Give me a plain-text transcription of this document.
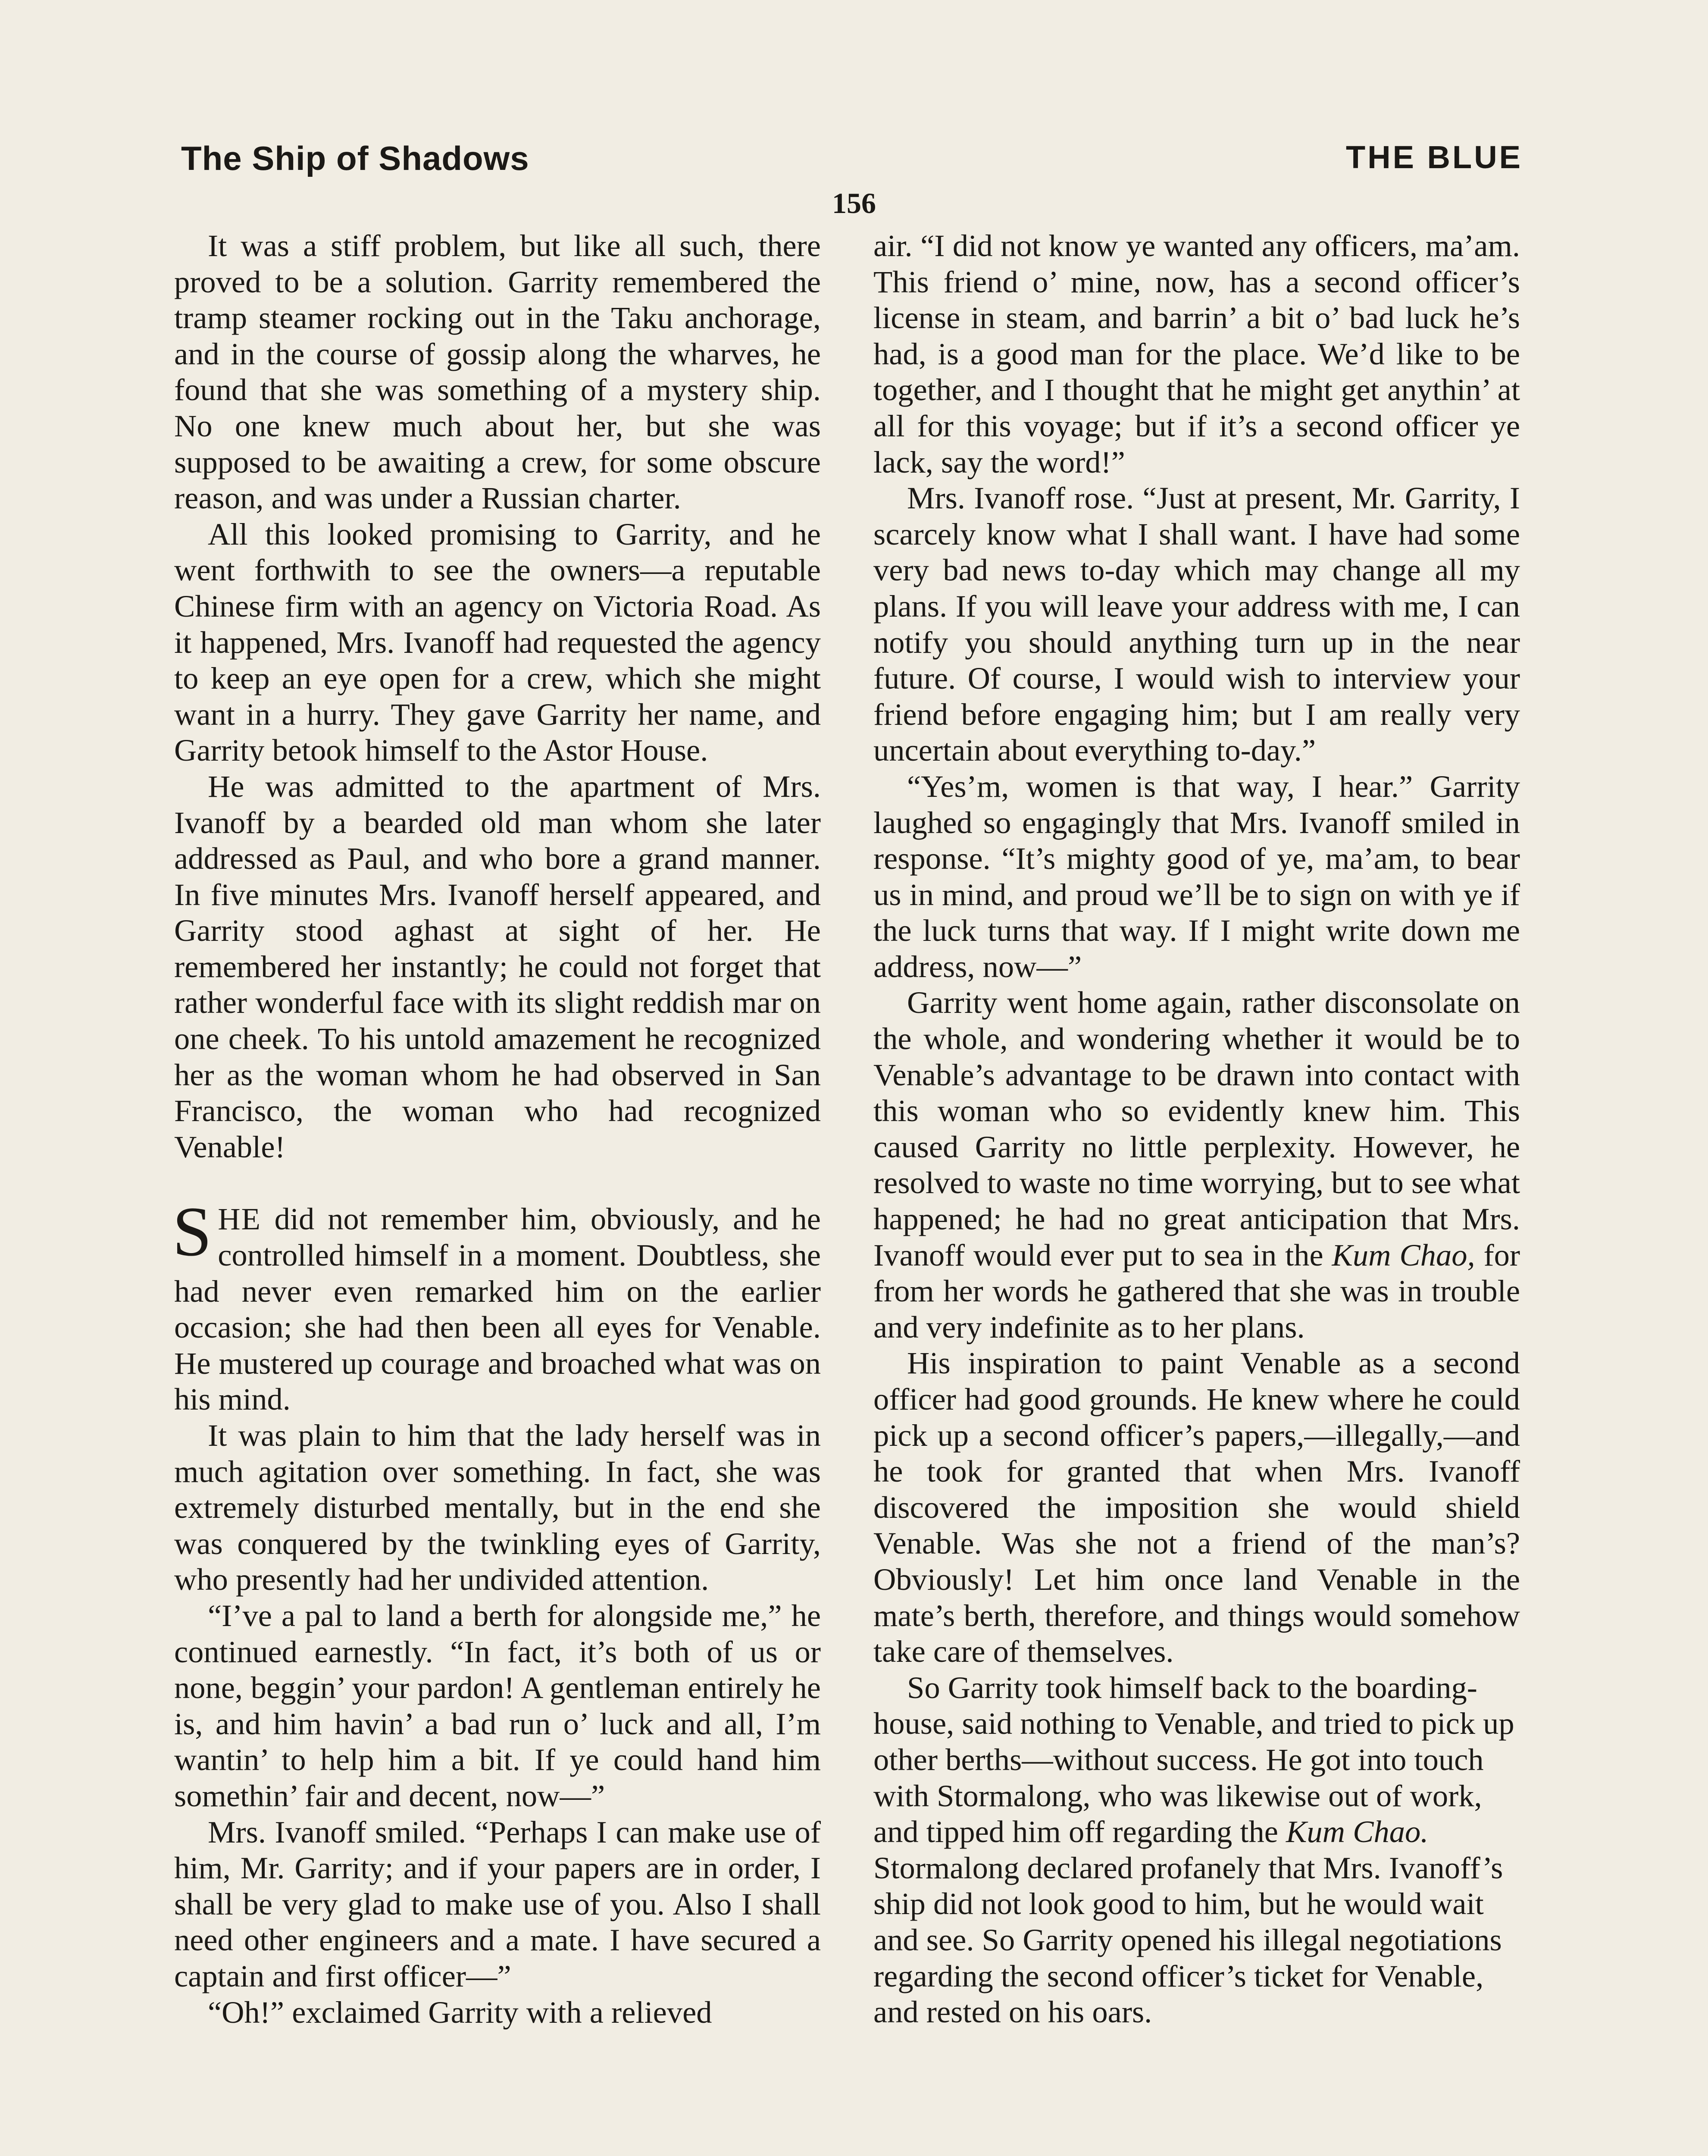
The Ship of Shadows	THE BLUE
156

It was a stiff problem, but like all such, there proved to be a solution. Garrity remembered the tramp steamer rocking out in the Taku anchorage, and in the course of gossip along the wharves, he found that she was something of a mystery ship. No one knew much about her, but she was supposed to be awaiting a crew, for some obscure reason, and was under a Russian charter.

All this looked promising to Garrity, and he went forthwith to see the owners—a reputable Chinese firm with an agency on Victoria Road. As it happened, Mrs. Ivanoff had requested the agency to keep an eye open for a crew, which she might want in a hurry. They gave Garrity her name, and Garrity betook himself to the Astor House.

He was admitted to the apartment of Mrs. Ivanoff by a bearded old man whom she later addressed as Paul, and who bore a grand manner. In five minutes Mrs. Ivanoff herself appeared, and Garrity stood aghast at sight of her. He remembered her instantly; he could not forget that rather wonderful face with its slight reddish mar on one cheek. To his untold amazement he recognized her as the woman whom he had observed in San Francisco, the woman who had recognized Venable!

SHE did not remember him, obviously, and he controlled himself in a moment. Doubtless, she had never even remarked him on the earlier occasion; she had then been all eyes for Venable. He mustered up courage and broached what was on his mind.

It was plain to him that the lady herself was in much agitation over something. In fact, she was extremely disturbed mentally, but in the end she was conquered by the twinkling eyes of Garrity, who presently had her undivided attention.

“I’ve a pal to land a berth for alongside me,” he continued earnestly. “In fact, it’s both of us or none, beggin’ your pardon! A gentleman entirely he is, and him havin’ a bad run o’ luck and all, I’m wantin’ to help him a bit. If ye could hand him somethin’ fair and decent, now—”

Mrs. Ivanoff smiled. “Perhaps I can make use of him, Mr. Garrity; and if your papers are in order, I shall be very glad to make use of you. Also I shall need other engineers and a mate. I have secured a captain and first officer—”

“Oh!” exclaimed Garrity with a relieved

air. “I did not know ye wanted any officers, ma’am. This friend o’ mine, now, has a second officer’s license in steam, and barrin’ a bit o’ bad luck he’s had, is a good man for the place. We’d like to be together, and I thought that he might get anythin’ at all for this voyage; but if it’s a second officer ye lack, say the word!”

Mrs. Ivanoff rose. “Just at present, Mr. Garrity, I scarcely know what I shall want. I have had some very bad news to-day which may change all my plans. If you will leave your address with me, I can notify you should anything turn up in the near future. Of course, I would wish to interview your friend before engaging him; but I am really very uncertain about everything to-day.”

“Yes’m, women is that way, I hear.” Garrity laughed so engagingly that Mrs. Ivanoff smiled in response. “It’s mighty good of ye, ma’am, to bear us in mind, and proud we’ll be to sign on with ye if the luck turns that way. If I might write down me address, now—”

Garrity went home again, rather disconsolate on the whole, and wondering whether it would be to Venable’s advantage to be drawn into contact with this woman who so evidently knew him. This caused Garrity no little perplexity. However, he resolved to waste no time worrying, but to see what happened; he had no great anticipation that Mrs. Ivanoff would ever put to sea in the Kum Chao, for from her words he gathered that she was in trouble and very indefinite as to her plans.

His inspiration to paint Venable as a second officer had good grounds. He knew where he could pick up a second officer’s papers,—illegally,—and he took for granted that when Mrs. Ivanoff discovered the imposition she would shield Venable. Was she not a friend of the man’s? Obviously! Let him once land Venable in the mate’s berth, therefore, and things would somehow take care of themselves.

So Garrity took himself back to the boarding-house, said nothing to Venable, and tried to pick up other berths—without success. He got into touch with Stormalong, who was likewise out of work, and tipped him off regarding the Kum Chao. Stormalong declared profanely that Mrs. Ivanoff’s ship did not look good to him, but he would wait and see. So Garrity opened his illegal negotiations regarding the second officer’s ticket for Venable, and rested on his oars.
